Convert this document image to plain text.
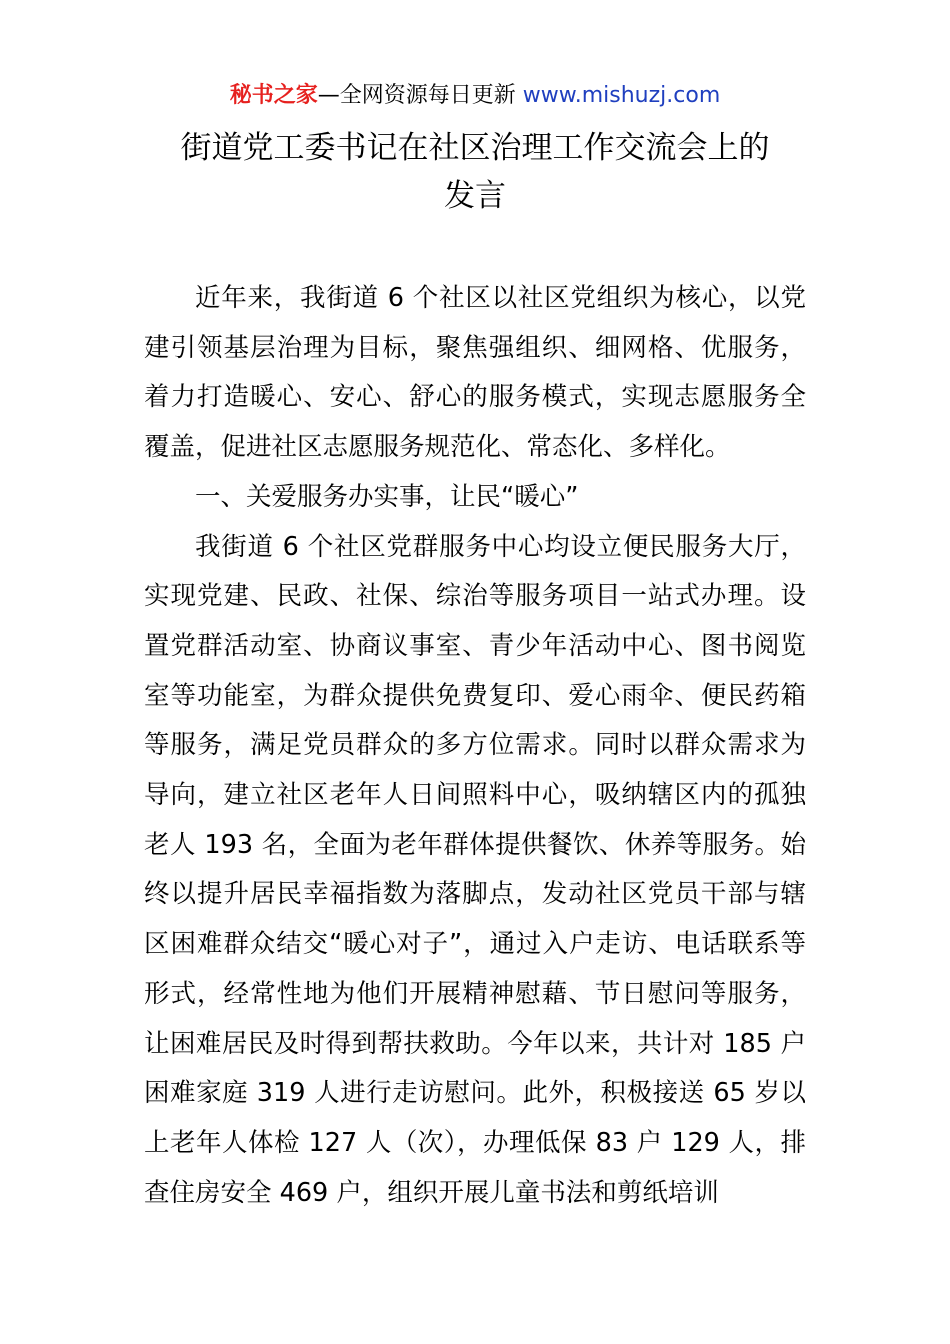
秘书之家—全网资源每日更新 www.mishuzj.com
街道党工委书记在社区治理工作交流会上的
发言

近年来，我街道 6 个社区以社区党组织为核心，以党建引领基层治理为目标，聚焦强组织、细网格、优服务，着力打造暖心、安心、舒心的服务模式，实现志愿服务全覆盖，促进社区志愿服务规范化、常态化、多样化。

一、关爱服务办实事，让民“暖心”

我街道 6 个社区党群服务中心均设立便民服务大厅，实现党建、民政、社保、综治等服务项目一站式办理。设置党群活动室、协商议事室、青少年活动中心、图书阅览室等功能室，为群众提供免费复印、爱心雨伞、便民药箱等服务，满足党员群众的多方位需求。同时以群众需求为导向，建立社区老年人日间照料中心，吸纳辖区内的孤独老人 193 名，全面为老年群体提供餐饮、休养等服务。始终以提升居民幸福指数为落脚点，发动社区党员干部与辖区困难群众结交“暖心对子”，通过入户走访、电话联系等形式，经常性地为他们开展精神慰藉、节日慰问等服务，让困难居民及时得到帮扶救助。今年以来，共计对 185 户困难家庭 319 人进行走访慰问。此外，积极接送 65 岁以上老年人体检 127 人（次），办理低保 83 户 129 人，排查住房安全 469 户，组织开展儿童书法和剪纸培训
